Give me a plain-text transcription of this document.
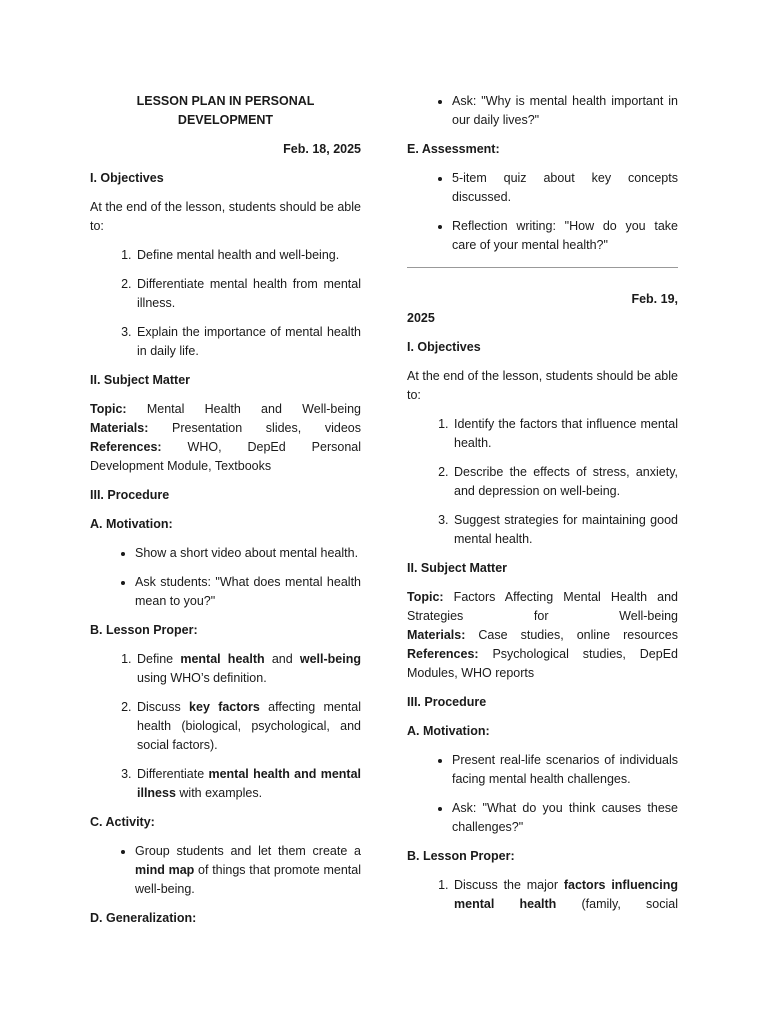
LESSON PLAN IN PERSONAL DEVELOPMENT
Feb. 18, 2025
I. Objectives

At the end of the lesson, students should be able to:

1. Define mental health and well-being.
2. Differentiate mental health from mental illness.
3. Explain the importance of mental health in daily life.
II. Subject Matter

Topic: Mental Health and Well-being

Materials: Presentation slides, videos

References: WHO, DepEd Personal Development Module, Textbooks

III. Procedure
A. Motivation:
• Show a short video about mental health.
• Ask students: "What does mental health mean to you?"
B. Lesson Proper:
1. Define mental health and well-being using WHO’s definition.
2. Discuss key factors affecting mental health (biological, psychological, and social factors).
3. Differentiate mental health and mental illness with examples.
C. Activity:
• Group students and let them create a mind map of things that promote mental well-being.
D. Generalization:
• Ask: "Why is mental health important in our daily lives?"
E. Assessment:
• 5-item quiz about key concepts discussed.
• Reflection writing: "How do you take care of your mental health?"
Feb. 19,
2025
I. Objectives

At the end of the lesson, students should be able to:

1. Identify the factors that influence mental health.
2. Describe the effects of stress, anxiety, and depression on well-being.
3. Suggest strategies for maintaining good mental health.
II. Subject Matter

Topic: Factors Affecting Mental Health and Strategies for Well-being

Materials: Case studies, online resources

References: Psychological studies, DepEd Modules, WHO reports

III. Procedure
A. Motivation:
• Present real-life scenarios of individuals facing mental health challenges.
• Ask: "What do you think causes these challenges?"
B. Lesson Proper:
1. Discuss the major factors influencing mental health (family, social
